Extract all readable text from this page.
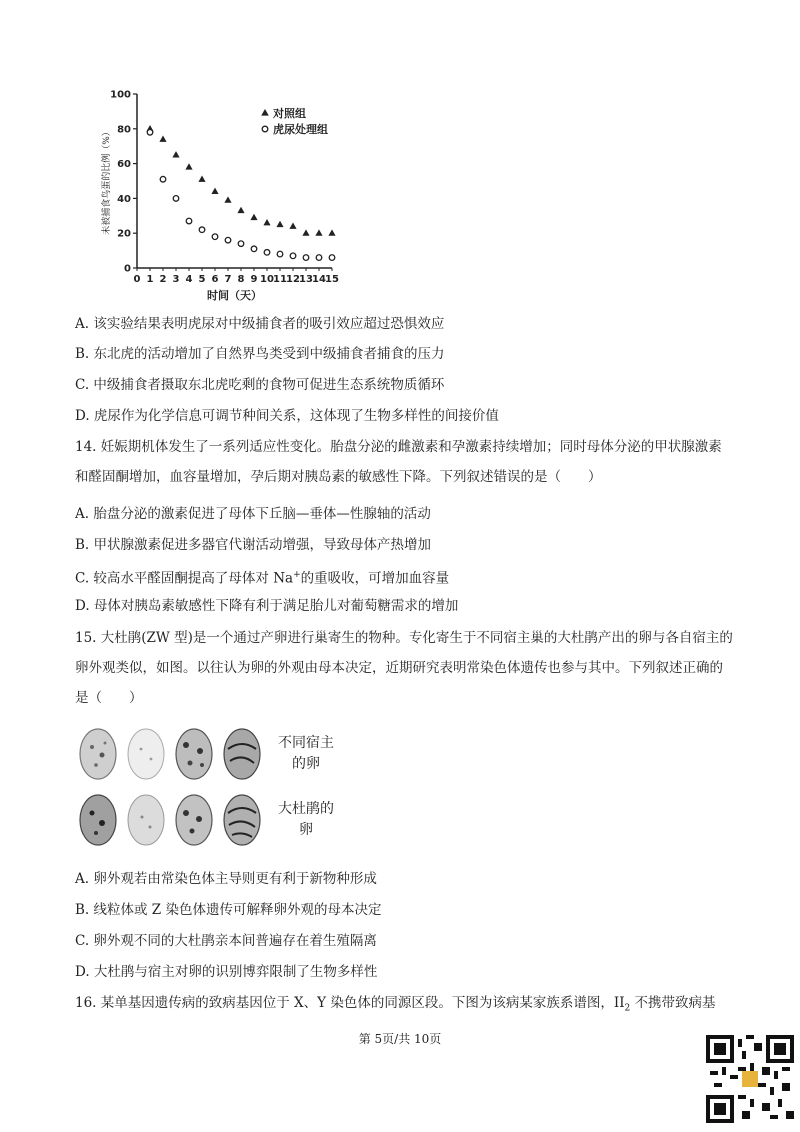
0
20
40
60
80
100
0 1 2 3 4 5 6 7 8 9 10 11 12 13 14 15
时间（天）
未被捕食鸟蛋的比例（%）
对照组
虎尿处理组
A. 该实验结果表明虎尿对中级捕食者的吸引效应超过恐惧效应
B. 东北虎的活动增加了自然界鸟类受到中级捕食者捕食的压力
C. 中级捕食者摄取东北虎吃剩的食物可促进生态系统物质循环
D. 虎尿作为化学信息可调节种间关系，这体现了生物多样性的间接价值
14. 妊娠期机体发生了一系列适应性变化。胎盘分泌的雌激素和孕激素持续增加；同时母体分泌的甲状腺激素和醛固酮增加，血容量增加，孕后期对胰岛素的敏感性下降。下列叙述错误的是（　　）
A. 胎盘分泌的激素促进了母体下丘脑—垂体—性腺轴的活动
B. 甲状腺激素促进多器官代谢活动增强，导致母体产热增加
C. 较高水平醛固酮提高了母体对 Na+的重吸收，可增加血容量
D. 母体对胰岛素敏感性下降有利于满足胎儿对葡萄糖需求的增加
15. 大杜鹃(ZW 型)是一个通过产卵进行巢寄生的物种。专化寄生于不同宿主巢的大杜鹃产出的卵与各自宿主的卵外观类似，如图。以往认为卵的外观由母本决定，近期研究表明常染色体遗传也参与其中。下列叙述正确的是（　　）
不同宿主的卵
大杜鹃的卵
A. 卵外观若由常染色体主导则更有利于新物种形成
B. 线粒体或 Z 染色体遗传可解释卵外观的母本决定
C. 卵外观不同的大杜鹃亲本间普遍存在着生殖隔离
D. 大杜鹃与宿主对卵的识别博弈限制了生物多样性
16. 某单基因遗传病的致病基因位于 X、Y 染色体的同源区段。下图为该病某家族系谱图，$II_2$ 不携带致病基
第 5页/共 10页
